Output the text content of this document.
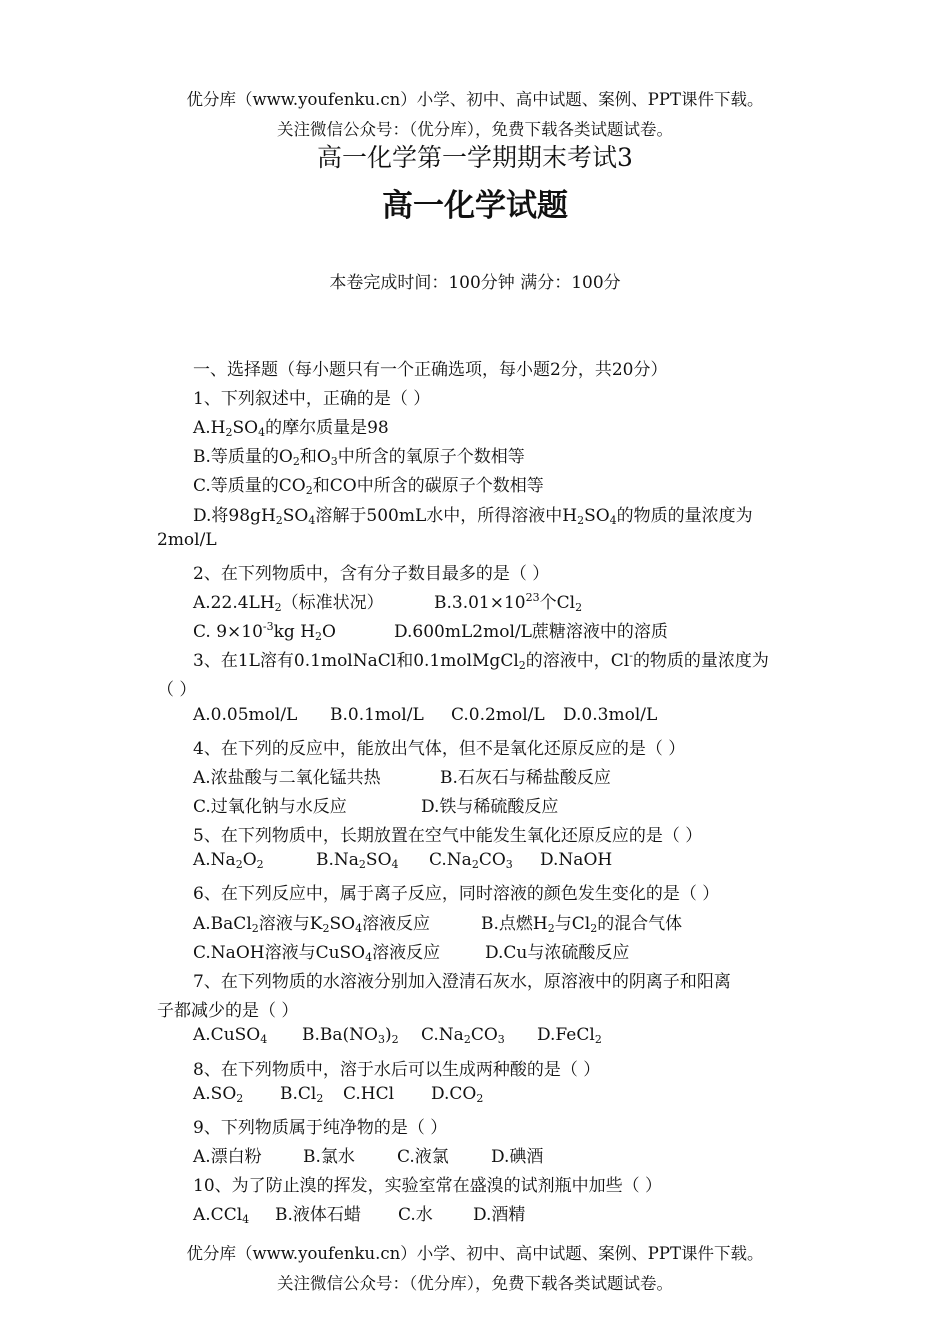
优分库（www.youfenku.cn）小学、初中、高中试题、案例、PPT课件下载。
关注微信公众号：（优分库），免费下载各类试题试卷。
高一化学第一学期期末考试3
高一化学试题
本卷完成时间：100分钟 满分：100分
一、选择题（每小题只有一个正确选项，每小题2分，共20分）
1、下列叙述中，正确的是（ ）
$A.H_2SO_4$的摩尔质量是98
B.等质量的$O_2$和$O_3$中所含的氧原子个数相等
C.等质量的$CO_2$和CO中所含的碳原子个数相等
D.将$98gH_2SO_4$溶解于500mL水中，所得溶液中$H_2SO_4$的物质的量浓度为
2mol/L
2、在下列物质中，含有分子数目最多的是（ ）
$A.22.4LH_2$（标准状况）	$B.3.01\times 10^{23}$个$Cl_2$
C. $9\times 10^{-3}kg$ $H_2O$	D.600mL2mol/L蔗糖溶液中的溶质
3、在1L溶有0.1molNaCl和0.1molMgCl$_2$的溶液中，Cl-的物质的量浓度为
（ ）
A.0.05mol/L B.0.1mol/L C.0.2mol/L D.0.3mol/L
4、在下列的反应中，能放出气体，但不是氧化还原反应的是（ ）
A.浓盐酸与二氧化锰共热	B.石灰石与稀盐酸反应
C.过氧化钠与水反应	D.铁与稀硫酸反应
5、在下列物质中，长期放置在空气中能发生氧化还原反应的是（ ）
$A.Na_2O_2$	$B.Na_2SO_4$ $C.Na_2CO_3$ D.NaOH
6、在下列反应中，属于离子反应，同时溶液的颜色发生变化的是（ ）
A.BaCl$_2$溶液与$K_2SO_4$溶液反应	B.点燃$H_2$与$Cl_2$的混合气体
C.NaOH溶液与CuSO$_4$溶液反应	D.Cu与浓硫酸反应
7、在下列物质的水溶液分别加入澄清石灰水，原溶液中的阴离子和阳离
子都减少的是（ ）
A.CuSO$_4$ $B.Ba(NO_3)_2$ $C.Na_2CO_3$ D.FeCl$_2$
8、在下列物质中，溶于水后可以生成两种酸的是（ ）
$A.SO_2$ $B.Cl_2$ C.HCl $D.CO_2$
9、下列物质属于纯净物的是（ ）
A.漂白粉 B.氯水 C.液氯 D.碘酒
10、为了防止溴的挥发，实验室常在盛溴的试剂瓶中加些（ ）
A.CCl$_4$ B.液体石蜡 C.水 D.酒精
优分库（www.youfenku.cn）小学、初中、高中试题、案例、PPT课件下载。
关注微信公众号：（优分库），免费下载各类试题试卷。
